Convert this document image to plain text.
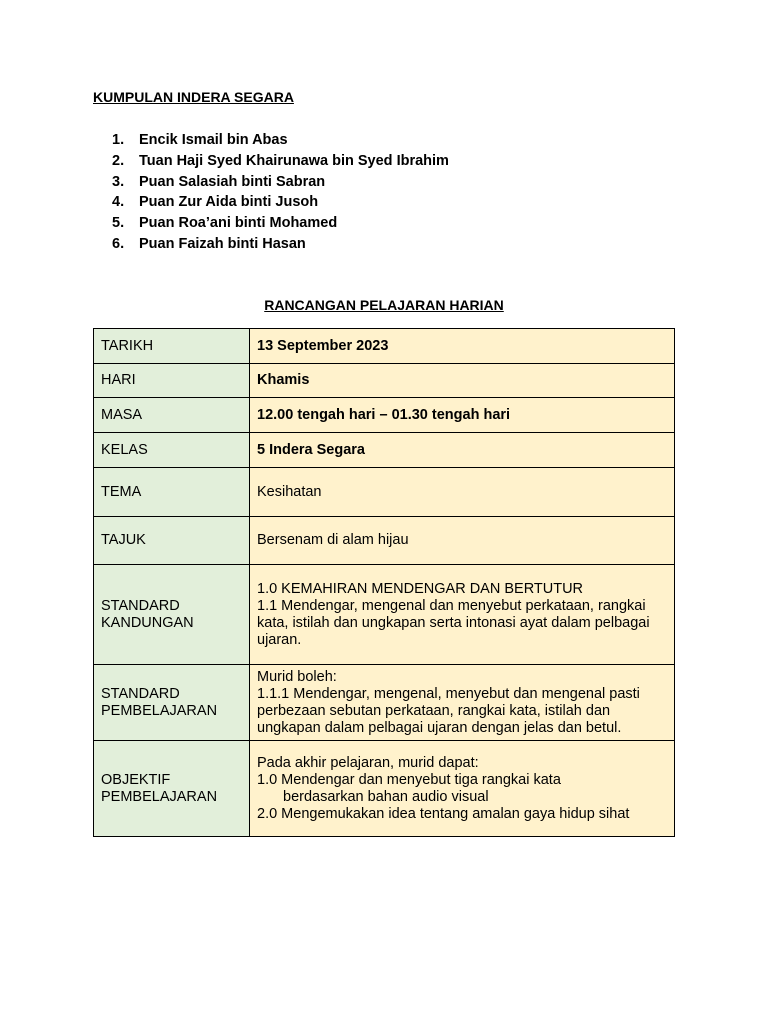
KUMPULAN INDERA SEGARA
1. Encik Ismail bin Abas
2. Tuan Haji Syed Khairunawa bin Syed Ibrahim
3. Puan Salasiah binti Sabran
4. Puan Zur Aida binti Jusoh
5. Puan Roa’ani binti Mohamed
6. Puan Faizah binti Hasan
RANCANGAN PELAJARAN HARIAN
TARIKH	13 September 2023
HARI	Khamis
MASA	12.00 tengah hari – 01.30 tengah hari
KELAS	5 Indera Segara
TEMA	Kesihatan
TAJUK	Bersenam di alam hijau
STANDARD
KANDUNGAN	1.0 KEMAHIRAN MENDENGAR DAN BERTUTUR
1.1 Mendengar, mengenal dan menyebut perkataan, rangkai kata, istilah dan ungkapan serta intonasi ayat dalam pelbagai ujaran.
STANDARD
PEMBELAJARAN	Murid boleh:
1.1.1 Mendengar, mengenal, menyebut dan mengenal pasti perbezaan sebutan perkataan, rangkai kata, istilah dan ungkapan dalam pelbagai ujaran dengan jelas dan betul.
OBJEKTIF
PEMBELAJARAN	Pada akhir pelajaran, murid dapat:
1.0 Mendengar dan menyebut tiga rangkai kata
berdasarkan bahan audio visual
2.0 Mengemukakan idea tentang amalan gaya hidup sihat
